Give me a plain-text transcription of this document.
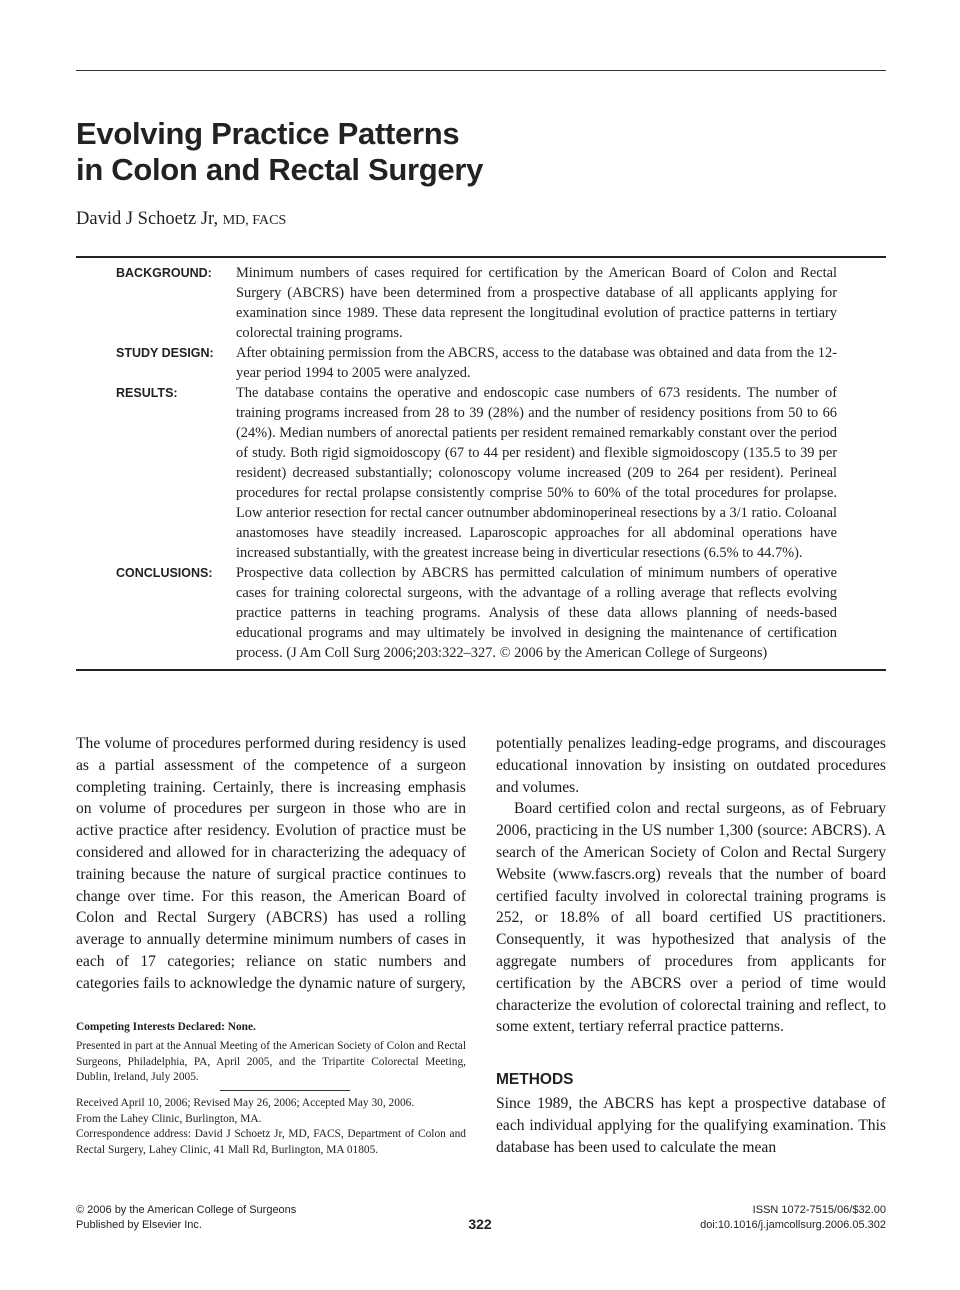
Evolving Practice Patterns
in Colon and Rectal Surgery
David J Schoetz Jr, MD, FACS
BACKGROUND:	Minimum numbers of cases required for certification by the American Board of Colon and Rectal Surgery (ABCRS) have been determined from a prospective database of all applicants applying for examination since 1989. These data represent the longitudinal evolution of practice patterns in tertiary colorectal training programs.
STUDY DESIGN:	After obtaining permission from the ABCRS, access to the database was obtained and data from the 12-year period 1994 to 2005 were analyzed.
RESULTS:	The database contains the operative and endoscopic case numbers of 673 residents. The number of training programs increased from 28 to 39 (28%) and the number of residency positions from 50 to 66 (24%). Median numbers of anorectal patients per resident remained remarkably constant over the period of study. Both rigid sigmoidoscopy (67 to 44 per resident) and flexible sigmoidoscopy (135.5 to 39 per resident) decreased substantially; colonoscopy volume increased (209 to 264 per resident). Perineal procedures for rectal prolapse consistently comprise 50% to 60% of the total procedures for prolapse. Low anterior resection for rectal cancer outnumber abdominoperineal resections by a 3/1 ratio. Coloanal anastomoses have steadily increased. Laparoscopic approaches for all abdominal operations have increased substantially, with the greatest increase being in diverticular resections (6.5% to 44.7%).
CONCLUSIONS:	Prospective data collection by ABCRS has permitted calculation of minimum numbers of operative cases for training colorectal surgeons, with the advantage of a rolling average that reflects evolving practice patterns in teaching programs. Analysis of these data allows planning of needs-based educational programs and may ultimately be involved in designing the maintenance of certification process. (J Am Coll Surg 2006;203:322–327. © 2006 by the American College of Surgeons)

The volume of procedures performed during residency is used as a partial assessment of the competence of a surgeon completing training. Certainly, there is increasing emphasis on volume of procedures per surgeon in those who are in active practice after residency. Evolution of practice must be considered and allowed for in characterizing the adequacy of training because the nature of surgical practice continues to change over time. For this reason, the American Board of Colon and Rectal Surgery (ABCRS) has used a rolling average to annually determine minimum numbers of cases in each of 17 categories; reliance on static numbers and categories fails to acknowledge the dynamic nature of surgery,

potentially penalizes leading-edge programs, and discourages educational innovation by insisting on outdated procedures and volumes.

Board certified colon and rectal surgeons, as of February 2006, practicing in the US number 1,300 (source: ABCRS). A search of the American Society of Colon and Rectal Surgery Website (www.fascrs.org) reveals that the number of board certified faculty involved in colorectal training programs is 252, or 18.8% of all board certified US practitioners. Consequently, it was hypothesized that analysis of the aggregate numbers of procedures from applicants for certification by the ABCRS over a period of time would characterize the evolution of colorectal training and reflect, to some extent, tertiary referral practice patterns.

METHODS

Since 1989, the ABCRS has kept a prospective database of each individual applying for the qualifying examination. This database has been used to calculate the mean

Competing Interests Declared: None.

Presented in part at the Annual Meeting of the American Society of Colon and Rectal Surgeons, Philadelphia, PA, April 2005, and the Tripartite Colorectal Meeting, Dublin, Ireland, July 2005.

Received April 10, 2006; Revised May 26, 2006; Accepted May 30, 2006.

From the Lahey Clinic, Burlington, MA.

Correspondence address: David J Schoetz Jr, MD, FACS, Department of Colon and Rectal Surgery, Lahey Clinic, 41 Mall Rd, Burlington, MA 01805.

© 2006 by the American College of Surgeons
Published by Elsevier Inc.	322
ISSN 1072-7515/06/$32.00
doi:10.1016/j.jamcollsurg.2006.05.302
